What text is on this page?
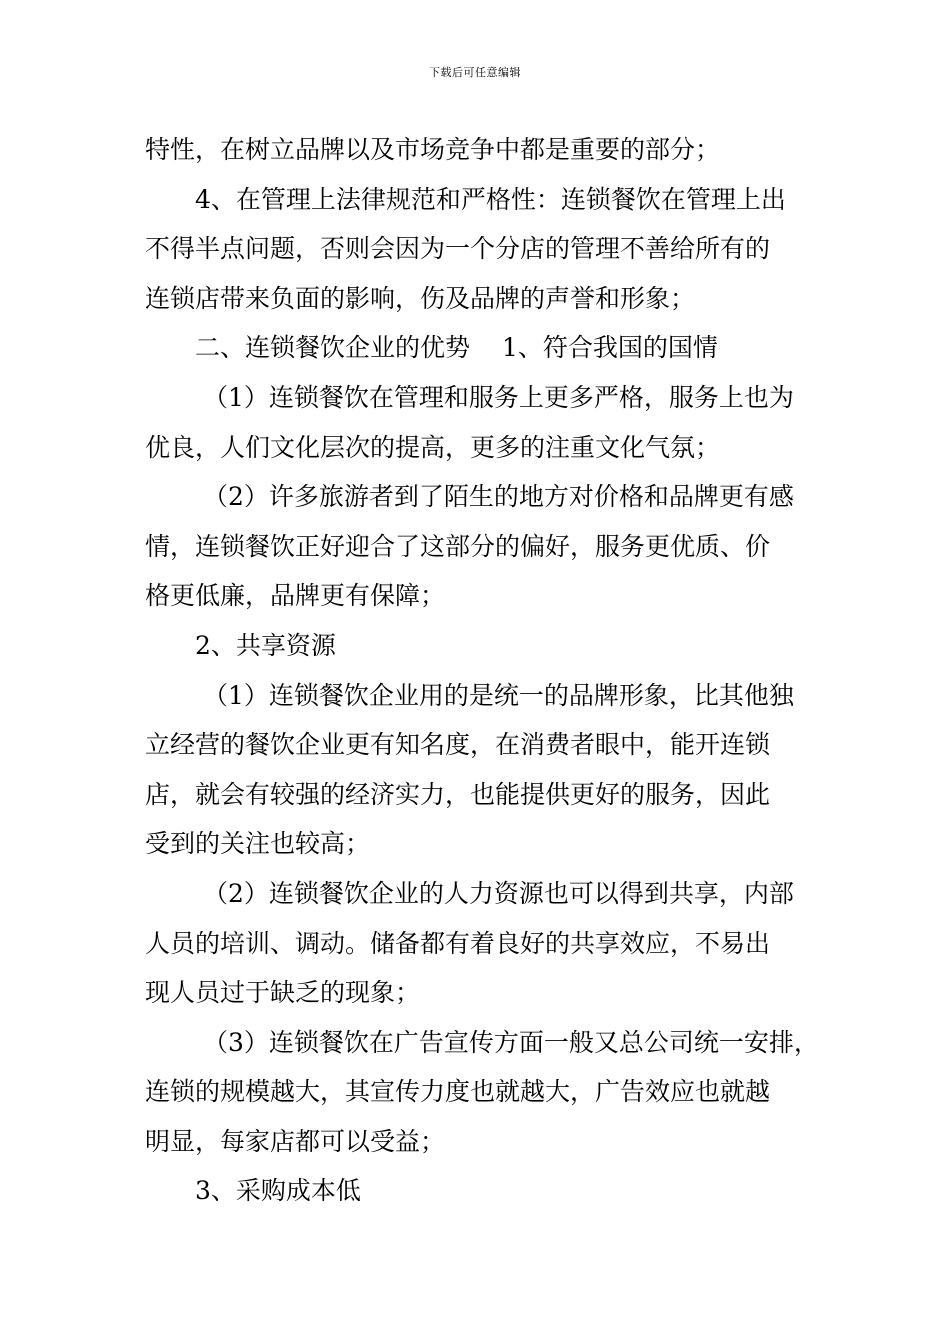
下载后可任意编辑
特性，在树立品牌以及市场竞争中都是重要的部分；
4、在管理上法律规范和严格性：连锁餐饮在管理上出
不得半点问题，否则会因为一个分店的管理不善给所有的
连锁店带来负面的影响，伤及品牌的声誉和形象；
二、连锁餐饮企业的优势 1、符合我国的国情
（1）连锁餐饮在管理和服务上更多严格，服务上也为
优良，人们文化层次的提高，更多的注重文化气氛；
（2）许多旅游者到了陌生的地方对价格和品牌更有感
情，连锁餐饮正好迎合了这部分的偏好，服务更优质、价
格更低廉，品牌更有保障；
2、共享资源
（1）连锁餐饮企业用的是统一的品牌形象，比其他独
立经营的餐饮企业更有知名度，在消费者眼中，能开连锁
店，就会有较强的经济实力，也能提供更好的服务，因此
受到的关注也较高；
（2）连锁餐饮企业的人力资源也可以得到共享，内部
人员的培训、调动。储备都有着良好的共享效应，不易出
现人员过于缺乏的现象；
（3）连锁餐饮在广告宣传方面一般又总公司统一安排，
连锁的规模越大，其宣传力度也就越大，广告效应也就越
明显，每家店都可以受益；
3、采购成本低
